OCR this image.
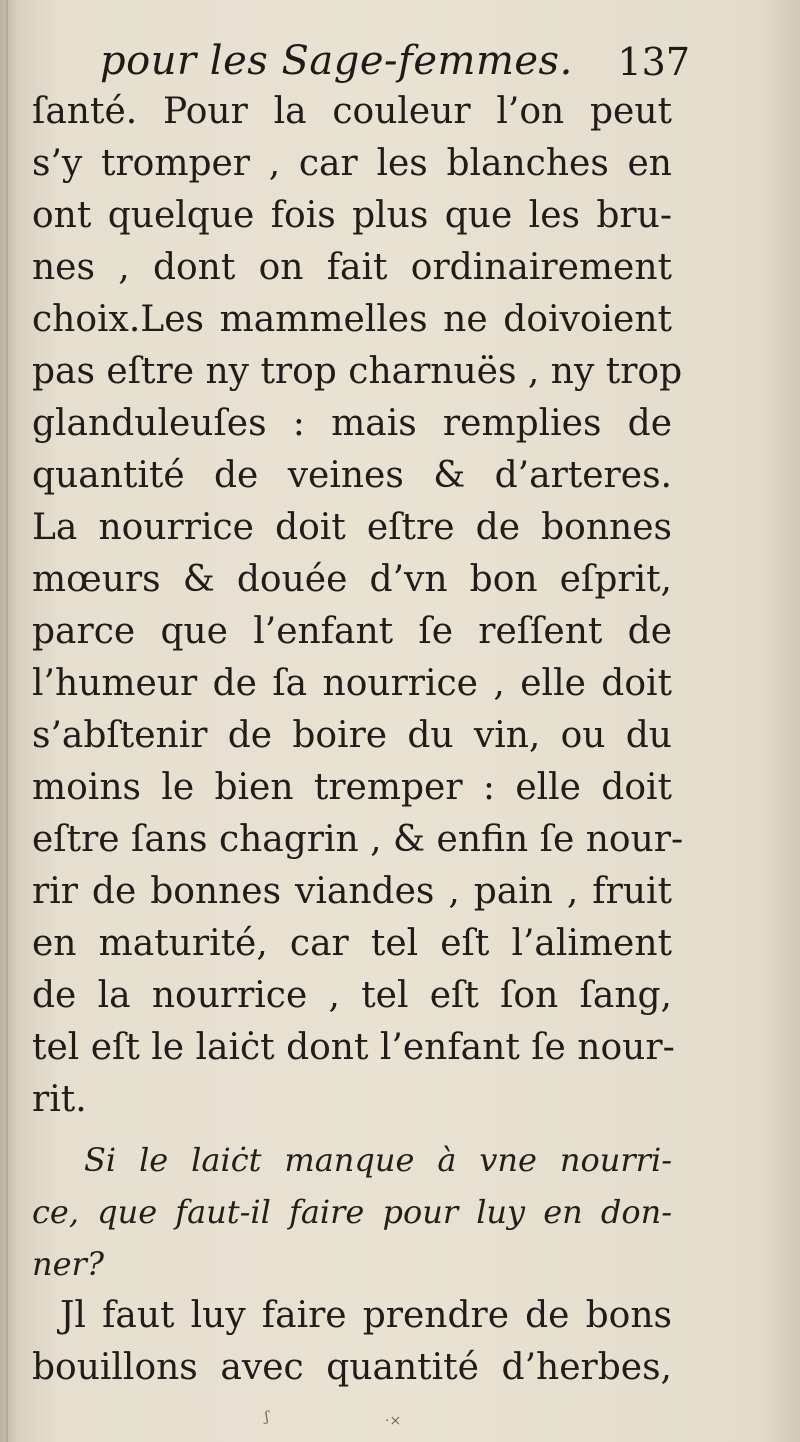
pour les Sage-femmes. 137
ſanté. Pour la couleur l’on peut
s’y tromper , car les blanches en
ont quelque fois plus que les bru-
nes , dont on fait ordinairement
choix.Les mammelles ne doivoient
pas eſtre ny trop charnuës , ny trop
glanduleuſes : mais remplies de
quantité de veines & d’arteres.
La nourrice doit eſtre de bonnes
mœurs & douée d’vn bon eſprit,
parce que l’enfant ſe reſſent de
l’humeur de ſa nourrice , elle doit
s’abſtenir de boire du vin, ou du
moins le bien tremper : elle doit
eſtre ſans chagrin , & enfin ſe nour-
rir de bonnes viandes , pain , fruit
en maturité, car tel eſt l’aliment
de la nourrice , tel eſt ſon ſang,
tel eſt le laiċt dont l’enfant ſe nour-
rit.
Si le laiċt manque à vne nourri-
ce, que faut-il faire pour luy en don-
ner?
Jl faut luy faire prendre de bons
bouillons avec quantité d’herbes,
ʃ	·×
